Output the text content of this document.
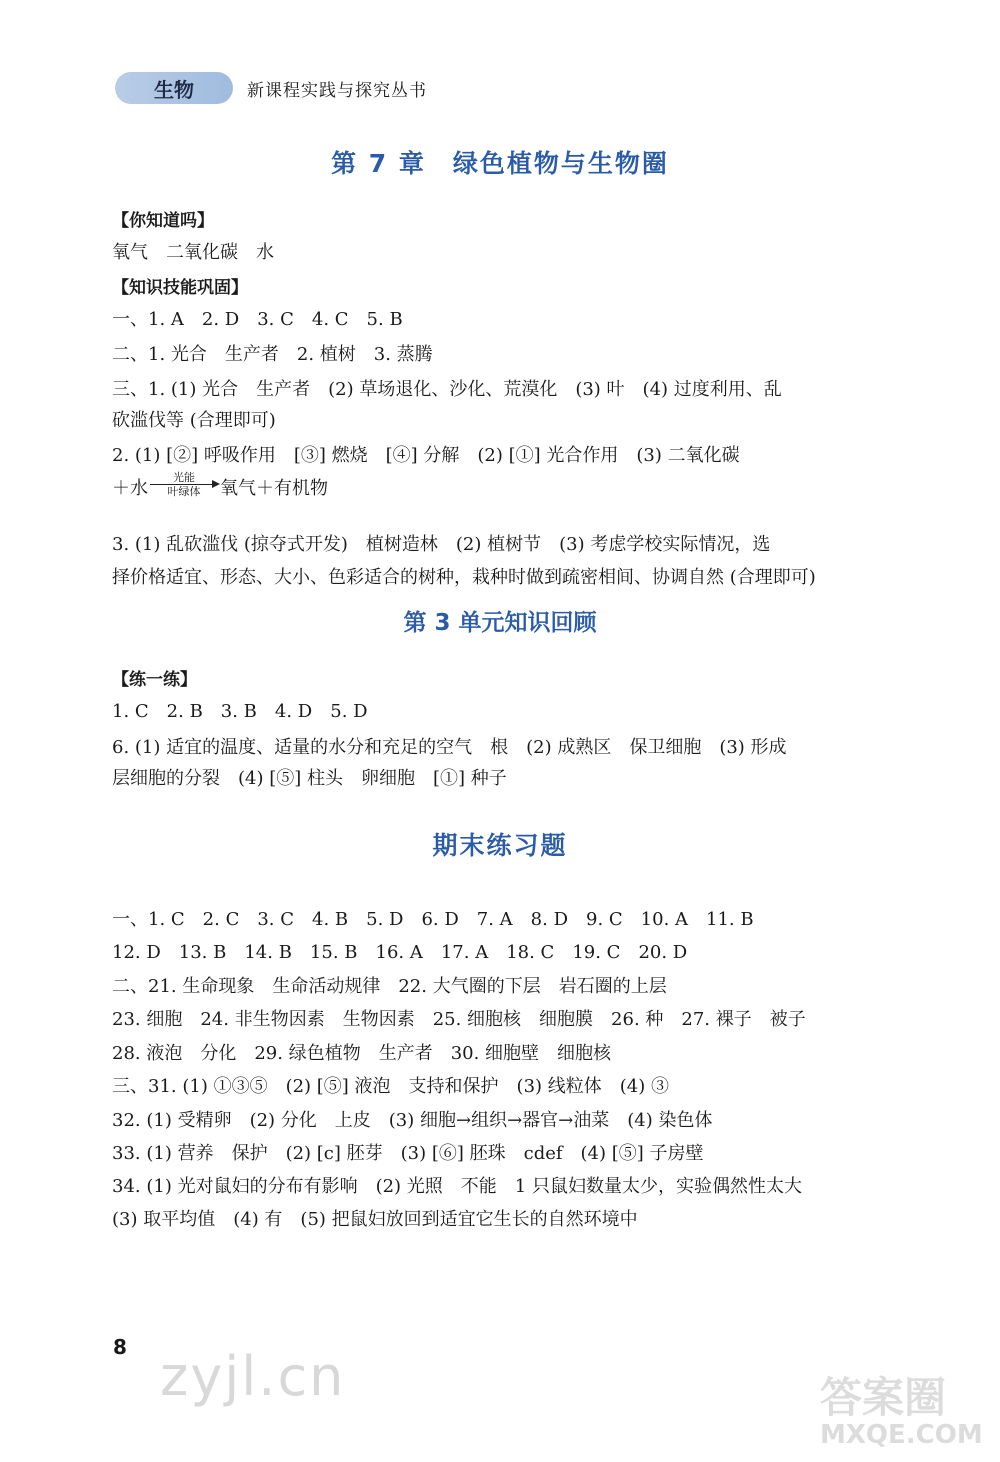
生物	新课程实践与探究丛书
第 7 章　绿色植物与生物圈
【你知道吗】
氧气　二氧化碳　水
【知识技能巩固】
一、1. A　2. D　3. C　4. C　5. B
二、1. 光合　生产者　2. 植树　3. 蒸腾
三、1. (1) 光合　生产者　(2) 草场退化、沙化、荒漠化　(3) 叶　(4) 过度利用、乱
砍滥伐等 (合理即可)
2. (1) [②] 呼吸作用　[③] 燃烧　[④] 分解　(2) [①] 光合作用　(3) 二氧化碳
＋水 光能
叶绿体 氧气＋有机物
3. (1) 乱砍滥伐 (掠夺式开发)　植树造林　(2) 植树节　(3) 考虑学校实际情况，选
择价格适宜、形态、大小、色彩适合的树种，栽种时做到疏密相间、协调自然 (合理即可)
第 3 单元知识回顾
【练一练】
1. C　2. B　3. B　4. D　5. D
6. (1) 适宜的温度、适量的水分和充足的空气　根　(2) 成熟区　保卫细胞　(3) 形成
层细胞的分裂　(4) [⑤] 柱头　卵细胞　[①] 种子
期末练习题
一、1. C　2. C　3. C　4. B　5. D　6. D　7. A　8. D　9. C　10. A　11. B
12. D　13. B　14. B　15. B　16. A　17. A　18. C　19. C　20. D
二、21. 生命现象　生命活动规律　22. 大气圈的下层　岩石圈的上层
23. 细胞　24. 非生物因素　生物因素　25. 细胞核　细胞膜　26. 种　27. 裸子　被子
28. 液泡　分化　29. 绿色植物　生产者　30. 细胞壁　细胞核
三、31. (1) ①③⑤　(2) [⑤] 液泡　支持和保护　(3) 线粒体　(4) ③
32. (1) 受精卵　(2) 分化　上皮　(3) 细胞→组织→器官→油菜　(4) 染色体
33. (1) 营养　保护　(2) [c] 胚芽　(3) [⑥] 胚珠　cdef　(4) [⑤] 子房壁
34. (1) 光对鼠妇的分布有影响　(2) 光照　不能　1 只鼠妇数量太少，实验偶然性太大
(3) 取平均值　(4) 有　(5) 把鼠妇放回到适宜它生长的自然环境中
8 zyjl.cn	答案圈
MXQE.COM
